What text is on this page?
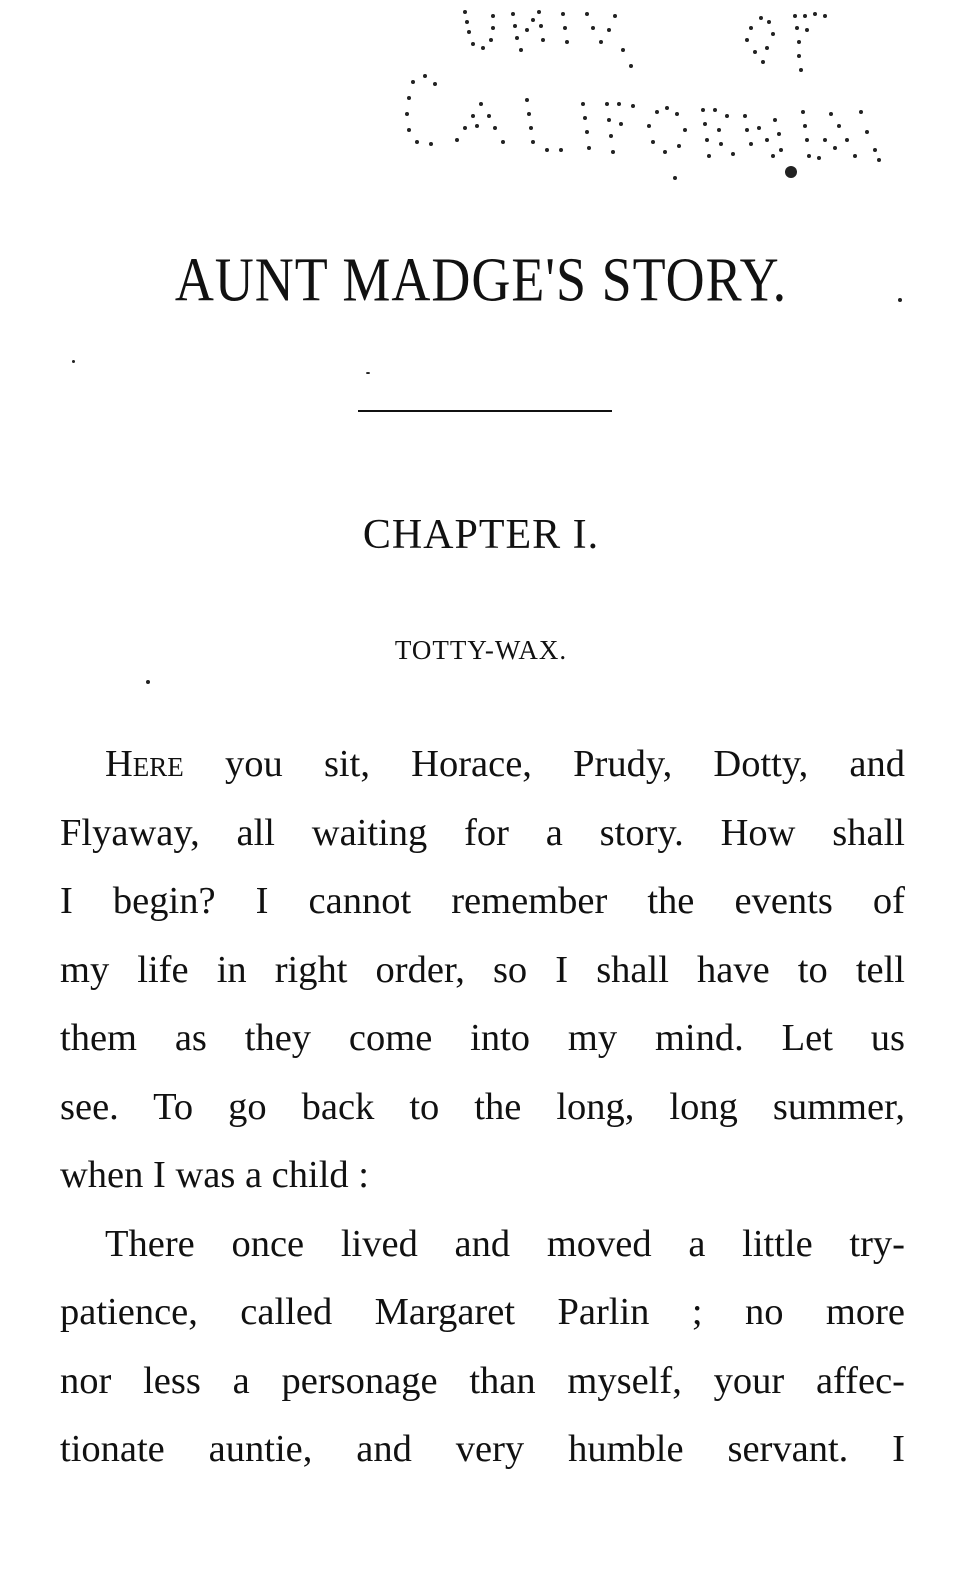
AUNT MADGE'S STORY.
CHAPTER I.
TOTTY-WAX.
Here you sit, Horace, Prudy, Dotty, and
Flyaway, all waiting for a story. How shall
I begin? I cannot remember the events of
my life in right order, so I shall have to tell
them as they come into my mind. Let us
see. To go back to the long, long summer,
when I was a child :
There once lived and moved a little try-
patience, called Margaret Parlin ; no more
nor less a personage than myself, your affec-
tionate auntie, and very humble servant. I
